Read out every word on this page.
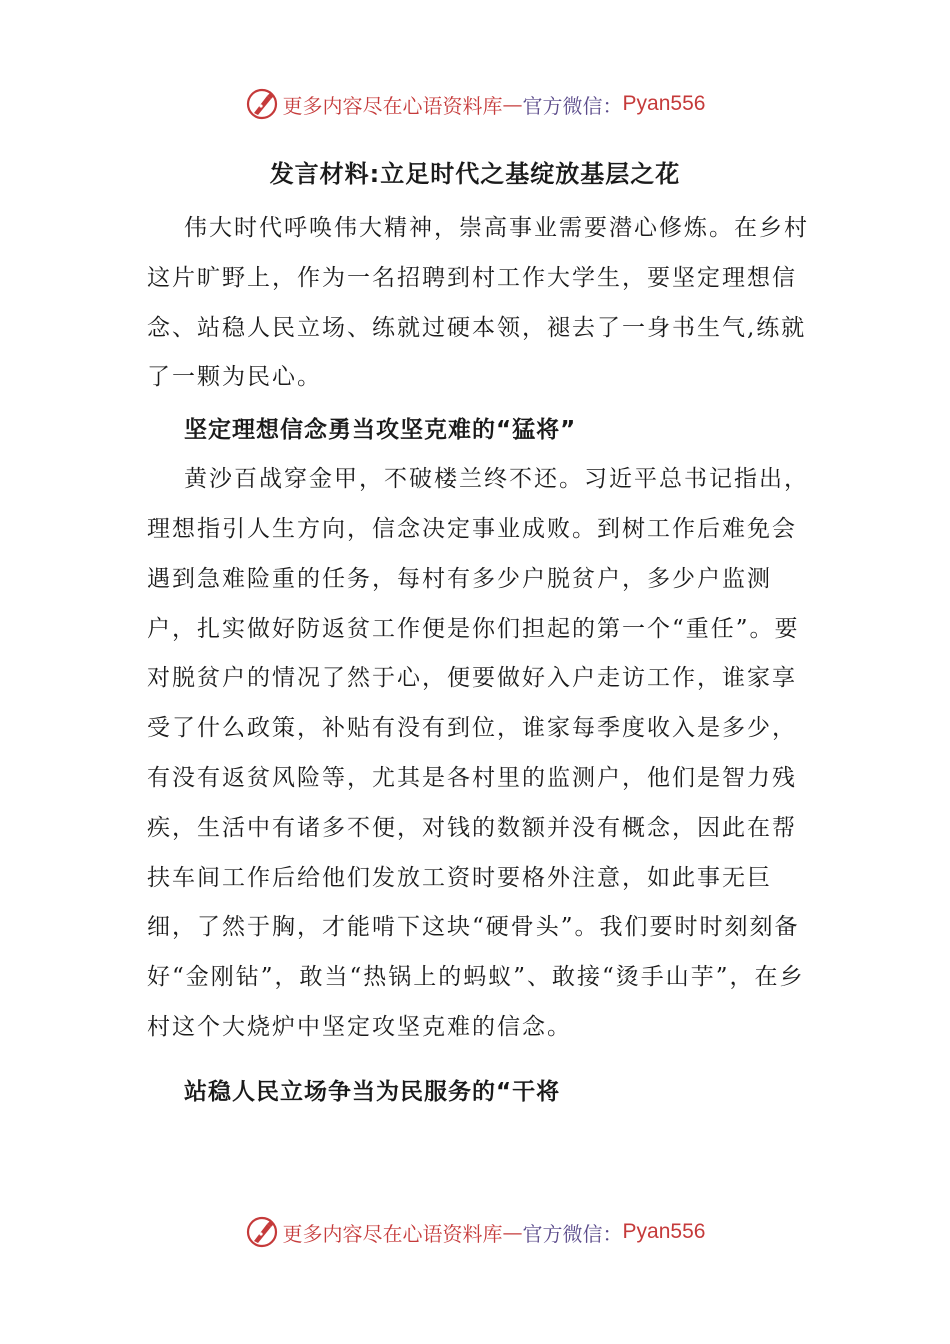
更多内容尽在心语资料库 — 官方微信： Pyan556
发言材料:立足时代之基绽放基层之花

伟大时代呼唤伟大精神，崇高事业需要潜心修炼。在乡村这片旷野上，作为一名招聘到村工作大学生，要坚定理想信念、站稳人民立场、练就过硬本领，褪去了一身书生气,练就了一颗为民心。

坚定理想信念勇当攻坚克难的“猛将”

黄沙百战穿金甲，不破楼兰终不还。习近平总书记指出，理想指引人生方向，信念决定事业成败。到树工作后难免会遇到急难险重的任务，每村有多少户脱贫户，多少户监测户，扎实做好防返贫工作便是你们担起的第一个“重任”。要对脱贫户的情况了然于心，便要做好入户走访工作，谁家享受了什么政策，补贴有没有到位，谁家每季度收入是多少，有没有返贫风险等，尤其是各村里的监测户，他们是智力残疾，生活中有诸多不便，对钱的数额并没有概念，因此在帮扶车间工作后给他们发放工资时要格外注意，如此事无巨细，了然于胸，才能啃下这块“硬骨头”。我们要时时刻刻备好“金刚钻”，敢当“热锅上的蚂蚁”、敢接“烫手山芋”，在乡村这个大烧炉中坚定攻坚克难的信念。

站稳人民立场争当为民服务的“干将

更多内容尽在心语资料库 — 官方微信： Pyan556
